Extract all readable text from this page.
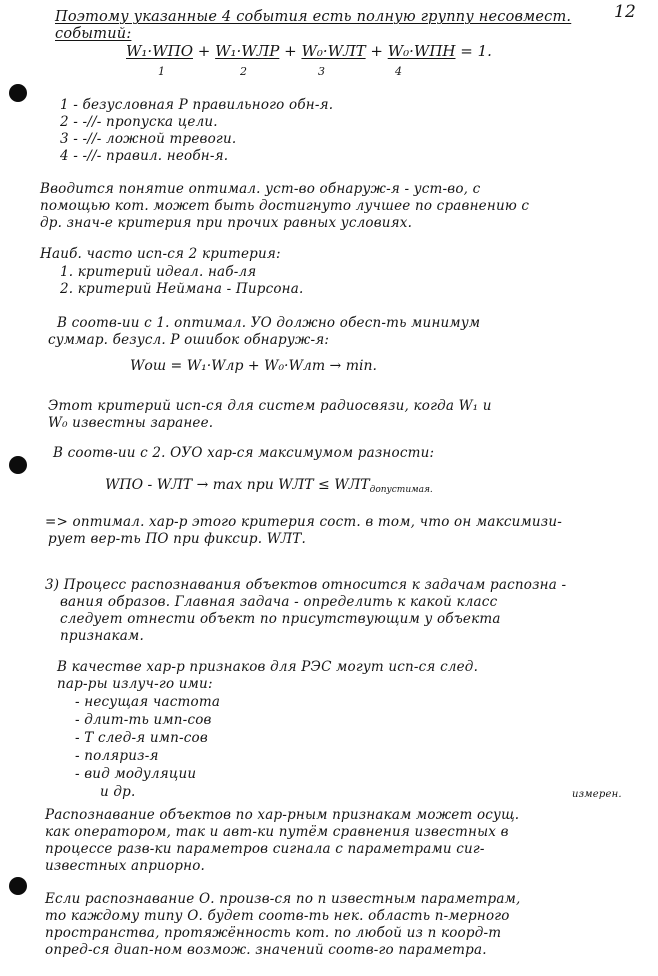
12
Поэтому указанные 4 события есть полную группу несовмест.
событий:
W₁·WПО + W₁·WЛР + W₀·WЛТ + W₀·WПН = 1.
1	2	3	4
1 - безусловная P правильного обн-я.
2 - -//- пропуска цели.
3 - -//- ложной тревоги.
4 - -//- правил. необн-я.
Вводится понятие оптимал. уст-во обнаруж-я - уст-во, с
помощью кот. может быть достигнуто лучшее по сравнению с
др. знач-е критерия при прочих равных условиях.
Наиб. часто исп-ся 2 критерия:
1. критерий идеал. наб-ля
2. критерий Неймана - Пирсона.
В соотв-ии с 1. оптимал. УО должно обесп-ть минимум
суммар. безусл. P ошибок обнаруж-я:
Wош = W₁·Wлр + W₀·Wлт → min.
Этот критерий исп-ся для систем радиосвязи, когда W₁ и
W₀ известны заранее.
В соотв-ии с 2. ОУО хар-ся максимумом разности:
WПО - WЛТ → max при WЛТ ≤ $WЛТ_{допустимая.}$
=> оптимал. хар-р этого критерия сост. в том, что он максимизи-
рует вер-ть ПО при фиксир. WЛТ.
3) Процесс распознавания объектов относится к задачам распозна -
вания образов. Главная задача - определить к какой класс
следует отнести объект по присутствующим у объекта
признакам.
В качестве хар-р признаков для РЭС могут исп-ся след.
пар-ры излуч-го ими:
- несущая частота
- длит-ть имп-сов
- T след-я имп-сов
- поляриз-я
- вид модуляции
и др.	измерен.
Распознавание объектов по хар-рным признакам может осущ.
как оператором, так и авт-ки путём сравнения известных в
процессе разв-ки параметров сигнала с параметрами сиг-
известных априорно.
Если распознавание О. произв-ся по n известным параметрам,
то каждому типу О. будет соотв-ть нек. область n-мерного
пространства, протяжённость кот. по любой из n коорд-т
опред-ся диап-ном возмож. значений соотв-го параметра.
